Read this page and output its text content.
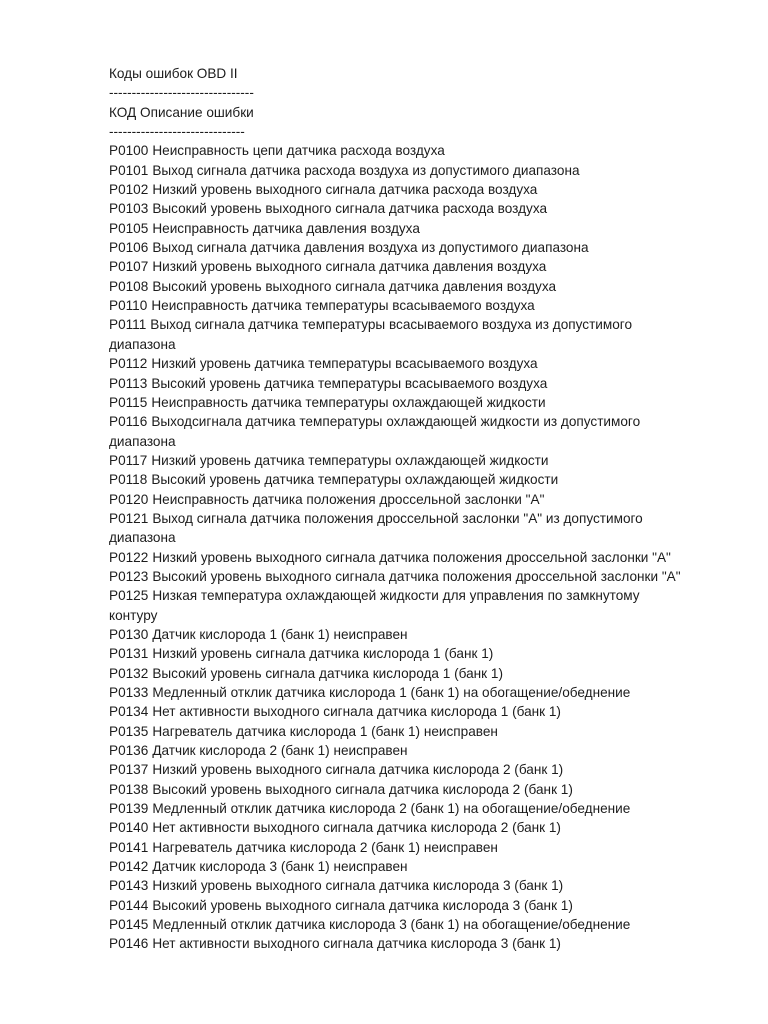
Коды ошибок OBD II
--------------------------------
КОД Описание ошибки
------------------------------
P0100 Неисправность цепи датчика расхода воздуха
P0101 Выход сигнала датчика расхода воздуха из допустимого диапазона
P0102 Низкий уровень выходного сигнала датчика расхода воздуха
P0103 Высокий уровень выходного сигнала датчика расхода воздуха
P0105 Неисправность датчика давления воздуха
P0106 Выход сигнала датчика давления воздуха из допустимого диапазона
P0107 Низкий уровень выходного сигнала датчика давления воздуха
P0108 Высокий уровень выходного сигнала датчика давления воздуха
P0110 Неисправность датчика температуры всасываемого воздуха
P0111 Выход сигнала датчика температуры всасываемого воздуха из допустимого
диапазона
P0112 Низкий уровень датчика температуры всасываемого воздуха
P0113 Высокий уровень датчика температуры всасываемого воздуха
P0115 Неисправность датчика температуры охлаждающей жидкости
P0116 Выходсигнала датчика температуры охлаждающей жидкости из допустимого
диапазона
P0117 Низкий уровень датчика температуры охлаждающей жидкости
P0118 Высокий уровень датчика температуры охлаждающей жидкости
P0120 Неисправность датчика положения дроссельной заслонки "А"
P0121 Выход сигнала датчика положения дроссельной заслонки "А" из допустимого
диапазона
P0122 Низкий уровень выходного сигнала датчика положения дроссельной заслонки "А"
P0123 Высокий уровень выходного сигнала датчика положения дроссельной заслонки "А"
P0125 Низкая температура охлаждающей жидкости для управления по замкнутому
контуру
P0130 Датчик кислорода 1 (банк 1) неисправен
P0131 Низкий уровень сигнала датчика кислорода 1 (банк 1)
P0132 Высокий уровень сигнала датчика кислорода 1 (банк 1)
P0133 Медленный отклик датчика кислорода 1 (банк 1) на обогащение/обеднение
P0134 Нет активности выходного сигнала датчика кислорода 1 (банк 1)
P0135 Нагреватель датчика кислорода 1 (банк 1) неисправен
P0136 Датчик кислорода 2 (банк 1) неисправен
P0137 Низкий уровень выходного сигнала датчика кислорода 2 (банк 1)
P0138 Высокий уровень выходного сигнала датчика кислорода 2 (банк 1)
P0139 Медленный отклик датчика кислорода 2 (банк 1) на обогащение/обеднение
P0140 Нет активности выходного сигнала датчика кислорода 2 (банк 1)
P0141 Нагреватель датчика кислорода 2 (банк 1) неисправен
P0142 Датчик кислорода 3 (банк 1) неисправен
P0143 Низкий уровень выходного сигнала датчика кислорода 3 (банк 1)
P0144 Высокий уровень выходного сигнала датчика кислорода 3 (банк 1)
P0145 Медленный отклик датчика кислорода 3 (банк 1) на обогащение/обеднение
P0146 Нет активности выходного сигнала датчика кислорода 3 (банк 1)
